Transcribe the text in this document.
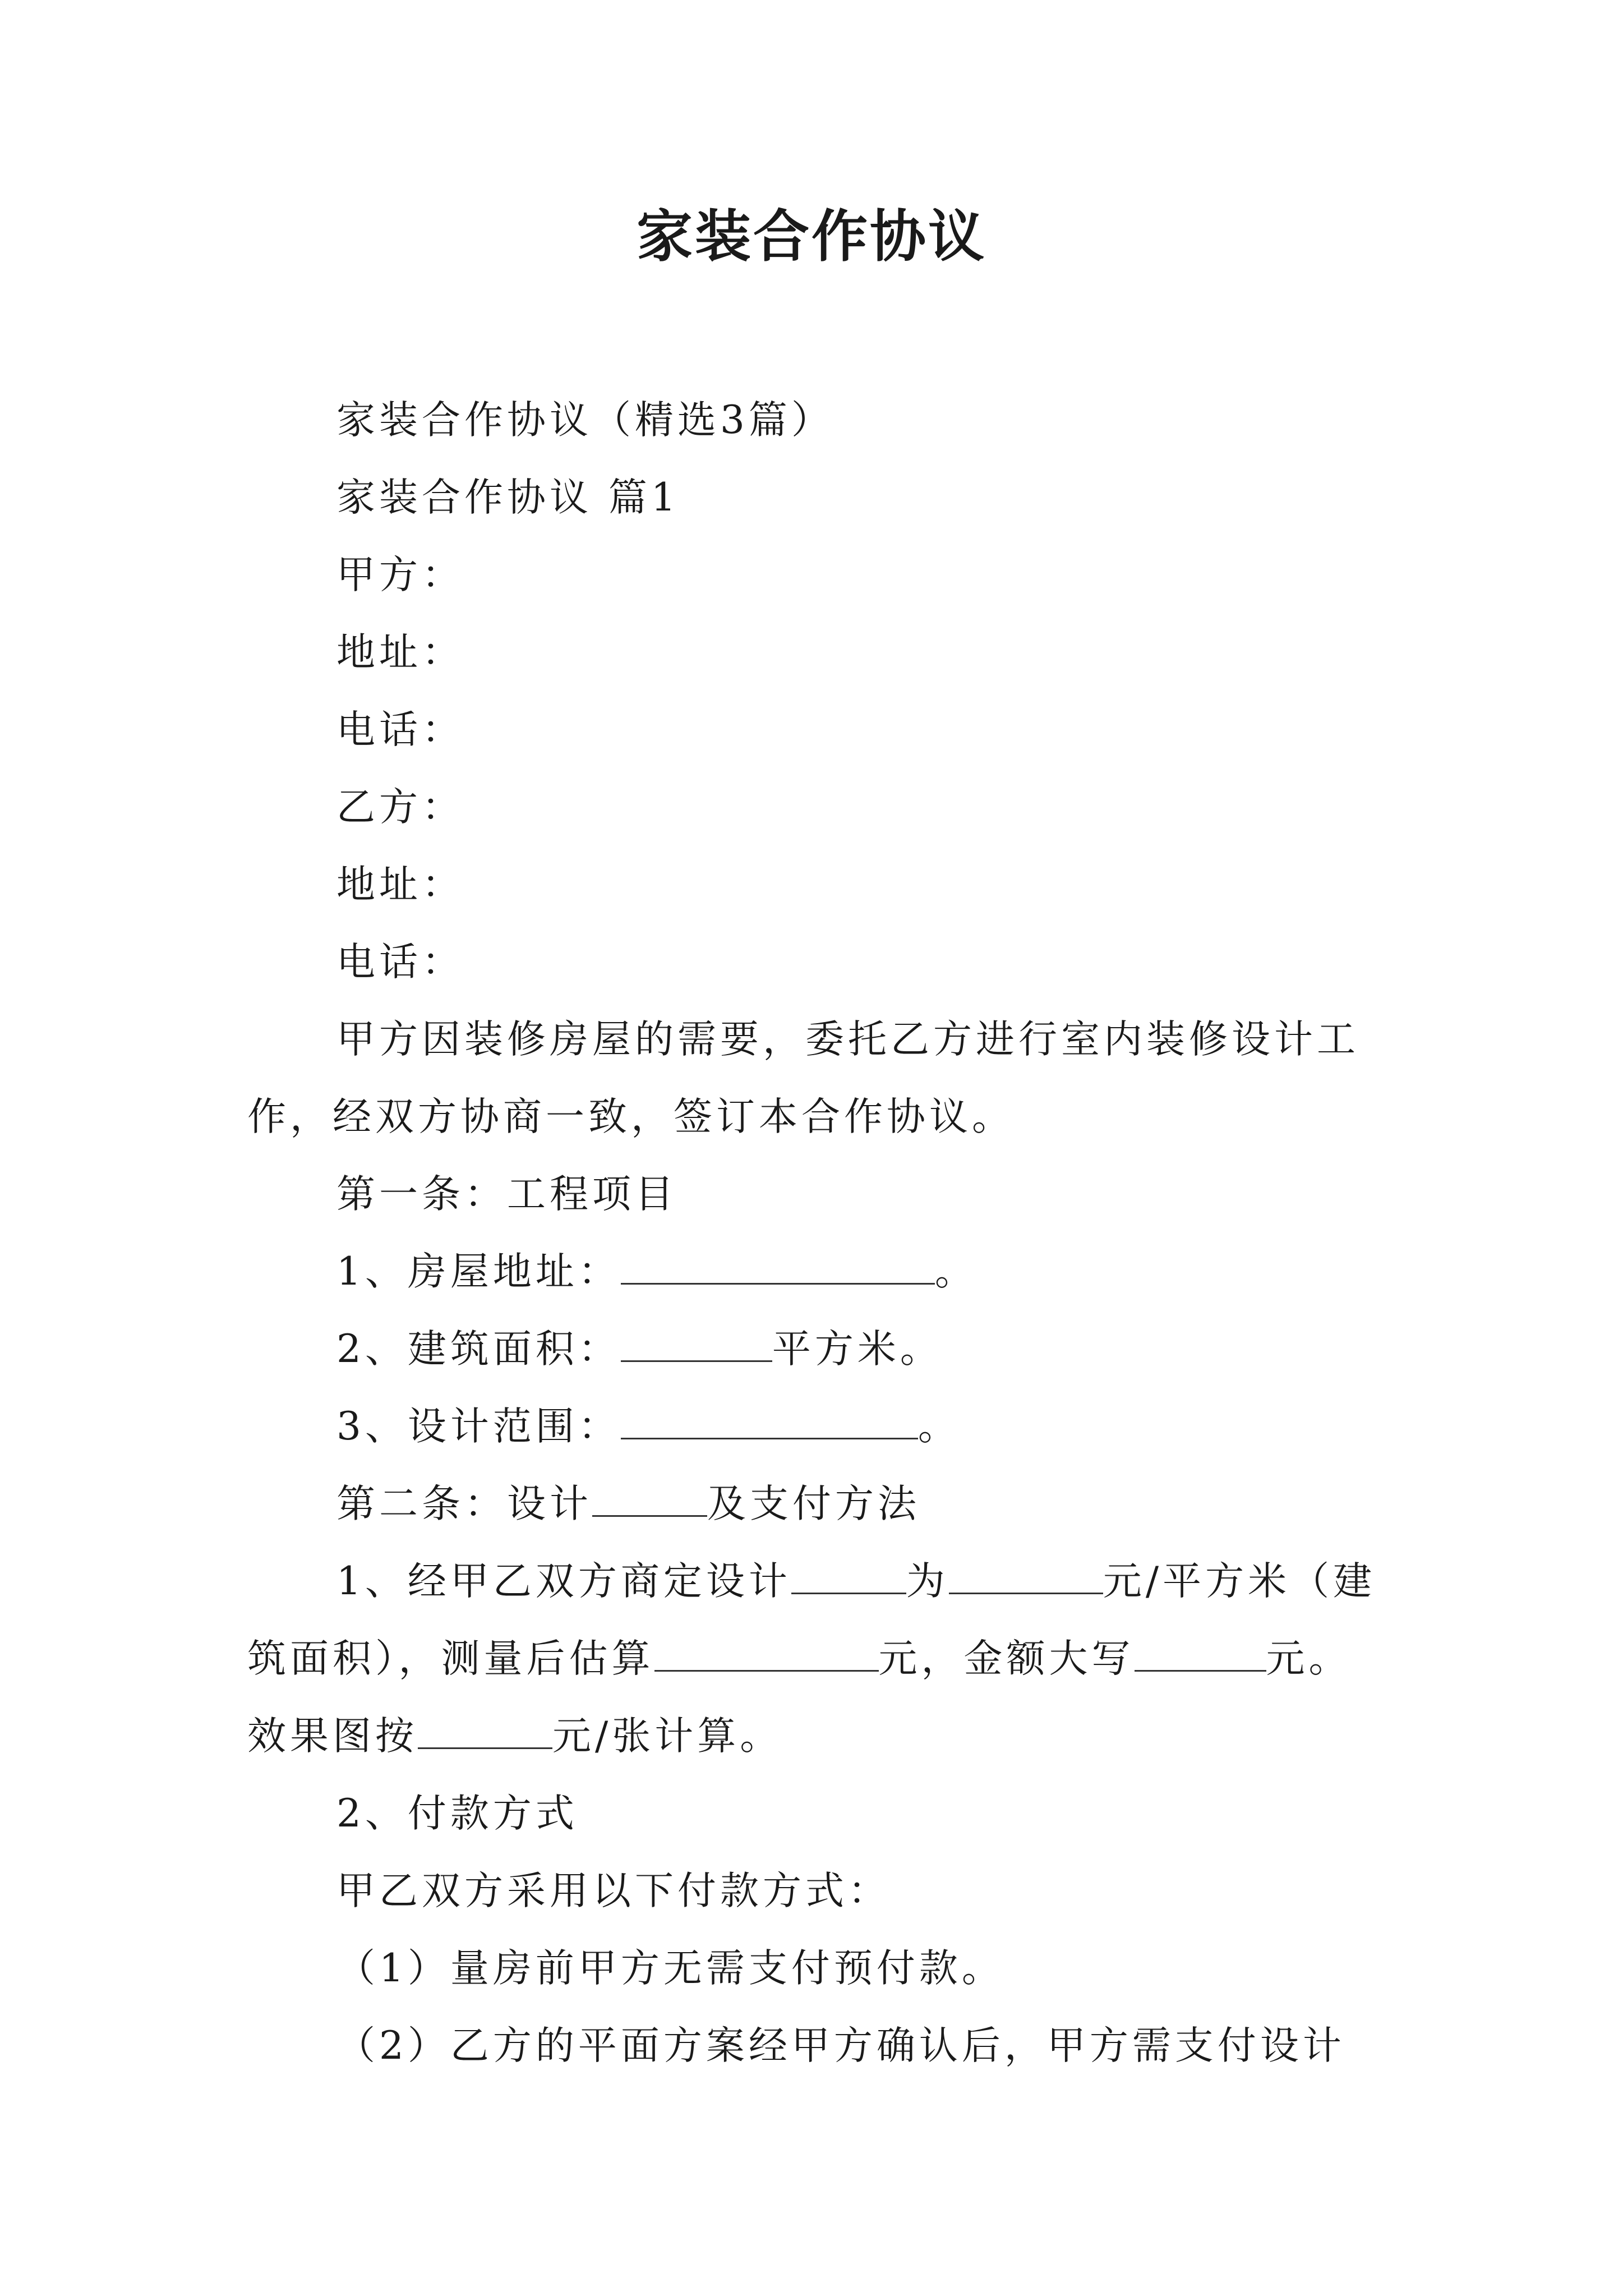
家装合作协议

家装合作协议（精选3篇）

家装合作协议 篇1

甲方：

地址：

电话：

乙方：

地址：

电话：

甲方因装修房屋的需要，委托乙方进行室内装修设计工作，经双方协商一致，签订本合作协议。

第一条：工程项目

1、房屋地址：	。

2、建筑面积：	平方米。

3、设计范围：	。

第二条：设计	及支付方法

1、经甲乙双方商定设计	为	元/平方米（建筑面积），测量后估算	元，金额大写	元。效果图按	元/张计算。

2、付款方式

甲乙双方采用以下付款方式：

（1）量房前甲方无需支付预付款。

（2）乙方的平面方案经甲方确认后，甲方需支付设计
